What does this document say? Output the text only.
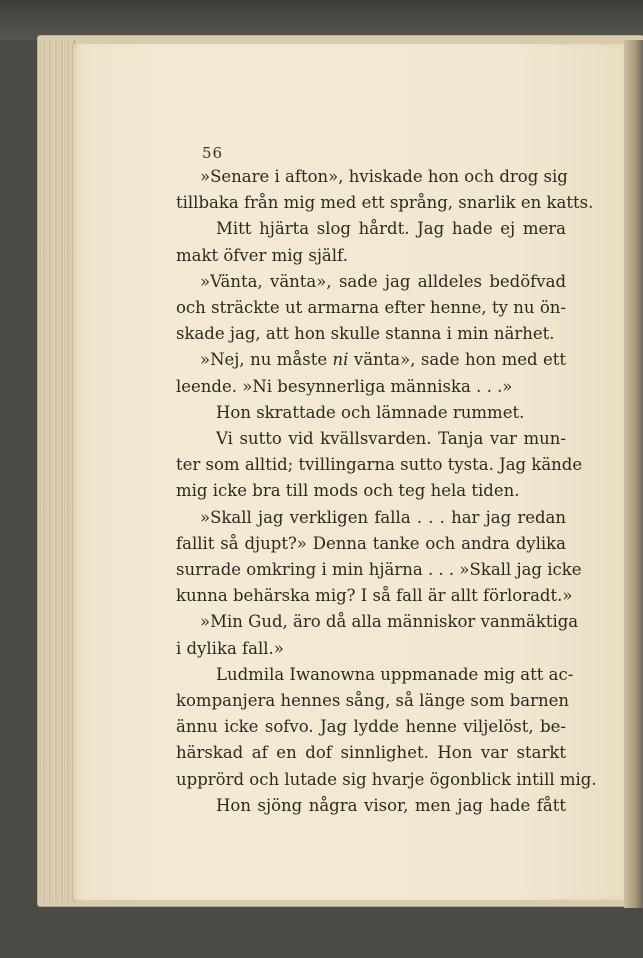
56
»Senare i afton», hviskade hon och drog sig
tillbaka från mig med ett språng, snarlik en katts.
Mitt hjärta slog hårdt. Jag hade ej mera
makt öfver mig själf.
»Vänta, vänta», sade jag alldeles bedöfvad
och sträckte ut armarna efter henne, ty nu ön-
skade jag, att hon skulle stanna i min närhet.
»Nej, nu måste ni vänta», sade hon med ett
leende. »Ni besynnerliga människa . . .»
Hon skrattade och lämnade rummet.
Vi sutto vid kvällsvarden. Tanja var mun-
ter som alltid; tvillingarna sutto tysta. Jag kände
mig icke bra till mods och teg hela tiden.
»Skall jag verkligen falla . . . har jag redan
fallit så djupt?» Denna tanke och andra dylika
surrade omkring i min hjärna . . . »Skall jag icke
kunna behärska mig? I så fall är allt förloradt.»
»Min Gud, äro då alla människor vanmäktiga
i dylika fall.»
Ludmila Iwanowna uppmanade mig att ac-
kompanjera hennes sång, så länge som barnen
ännu icke sofvo. Jag lydde henne viljelöst, be-
härskad af en dof sinnlighet. Hon var starkt
upprörd och lutade sig hvarje ögonblick intill mig.
Hon sjöng några visor, men jag hade fått
